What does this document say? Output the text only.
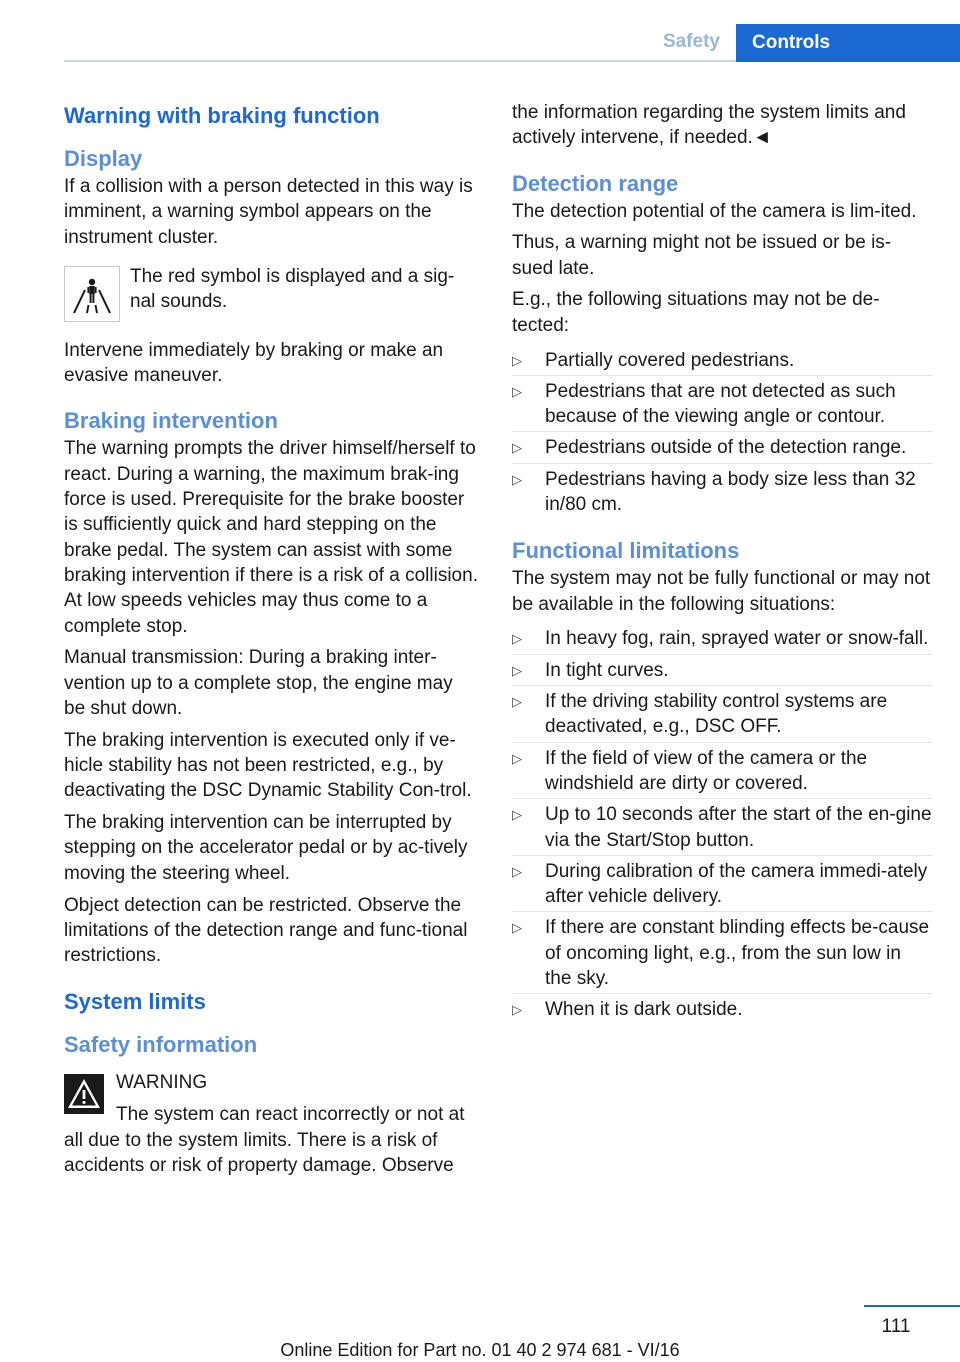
Safety	Controls
Warning with braking function
Display

If a collision with a person detected in this way is imminent, a warning symbol appears on the instrument cluster.

The red symbol is displayed and a sig‐nal sounds.

Intervene immediately by braking or make an evasive maneuver.

Braking intervention

The warning prompts the driver himself/herself to react. During a warning, the maximum brak‐ing force is used. Prerequisite for the brake booster is sufficiently quick and hard stepping on the brake pedal. The system can assist with some braking intervention if there is a risk of a collision. At low speeds vehicles may thus come to a complete stop.

Manual transmission: During a braking inter‐vention up to a complete stop, the engine may be shut down.

The braking intervention is executed only if ve‐hicle stability has not been restricted, e.g., by deactivating the DSC Dynamic Stability Con‐trol.

The braking intervention can be interrupted by stepping on the accelerator pedal or by ac‐tively moving the steering wheel.

Object detection can be restricted. Observe the limitations of the detection range and func‐tional restrictions.

System limits
Safety information

WARNING

The system can react incorrectly or not at all due to the system limits. There is a risk of accidents or risk of property damage. Observe

the information regarding the system limits and actively intervene, if needed.◄

Detection range

The detection potential of the camera is lim‐ited.

Thus, a warning might not be issued or be is‐sued late.

E.g., the following situations may not be de‐tected:

▷ Partially covered pedestrians.
▷ Pedestrians that are not detected as such because of the viewing angle or contour.
▷ Pedestrians outside of the detection range.
▷ Pedestrians having a body size less than 32 in/80 cm.
Functional limitations

The system may not be fully functional or may not be available in the following situations:

▷ In heavy fog, rain, sprayed water or snow‐fall.
▷ In tight curves.
▷ If the driving stability control systems are deactivated, e.g., DSC OFF.
▷ If the field of view of the camera or the windshield are dirty or covered.
▷ Up to 10 seconds after the start of the en‐gine via the Start/Stop button.
▷ During calibration of the camera immedi‐ately after vehicle delivery.
▷ If there are constant blinding effects be‐cause of oncoming light, e.g., from the sun low in the sky.
▷ When it is dark outside.
111
Online Edition for Part no. 01 40 2 974 681 - VI/16
